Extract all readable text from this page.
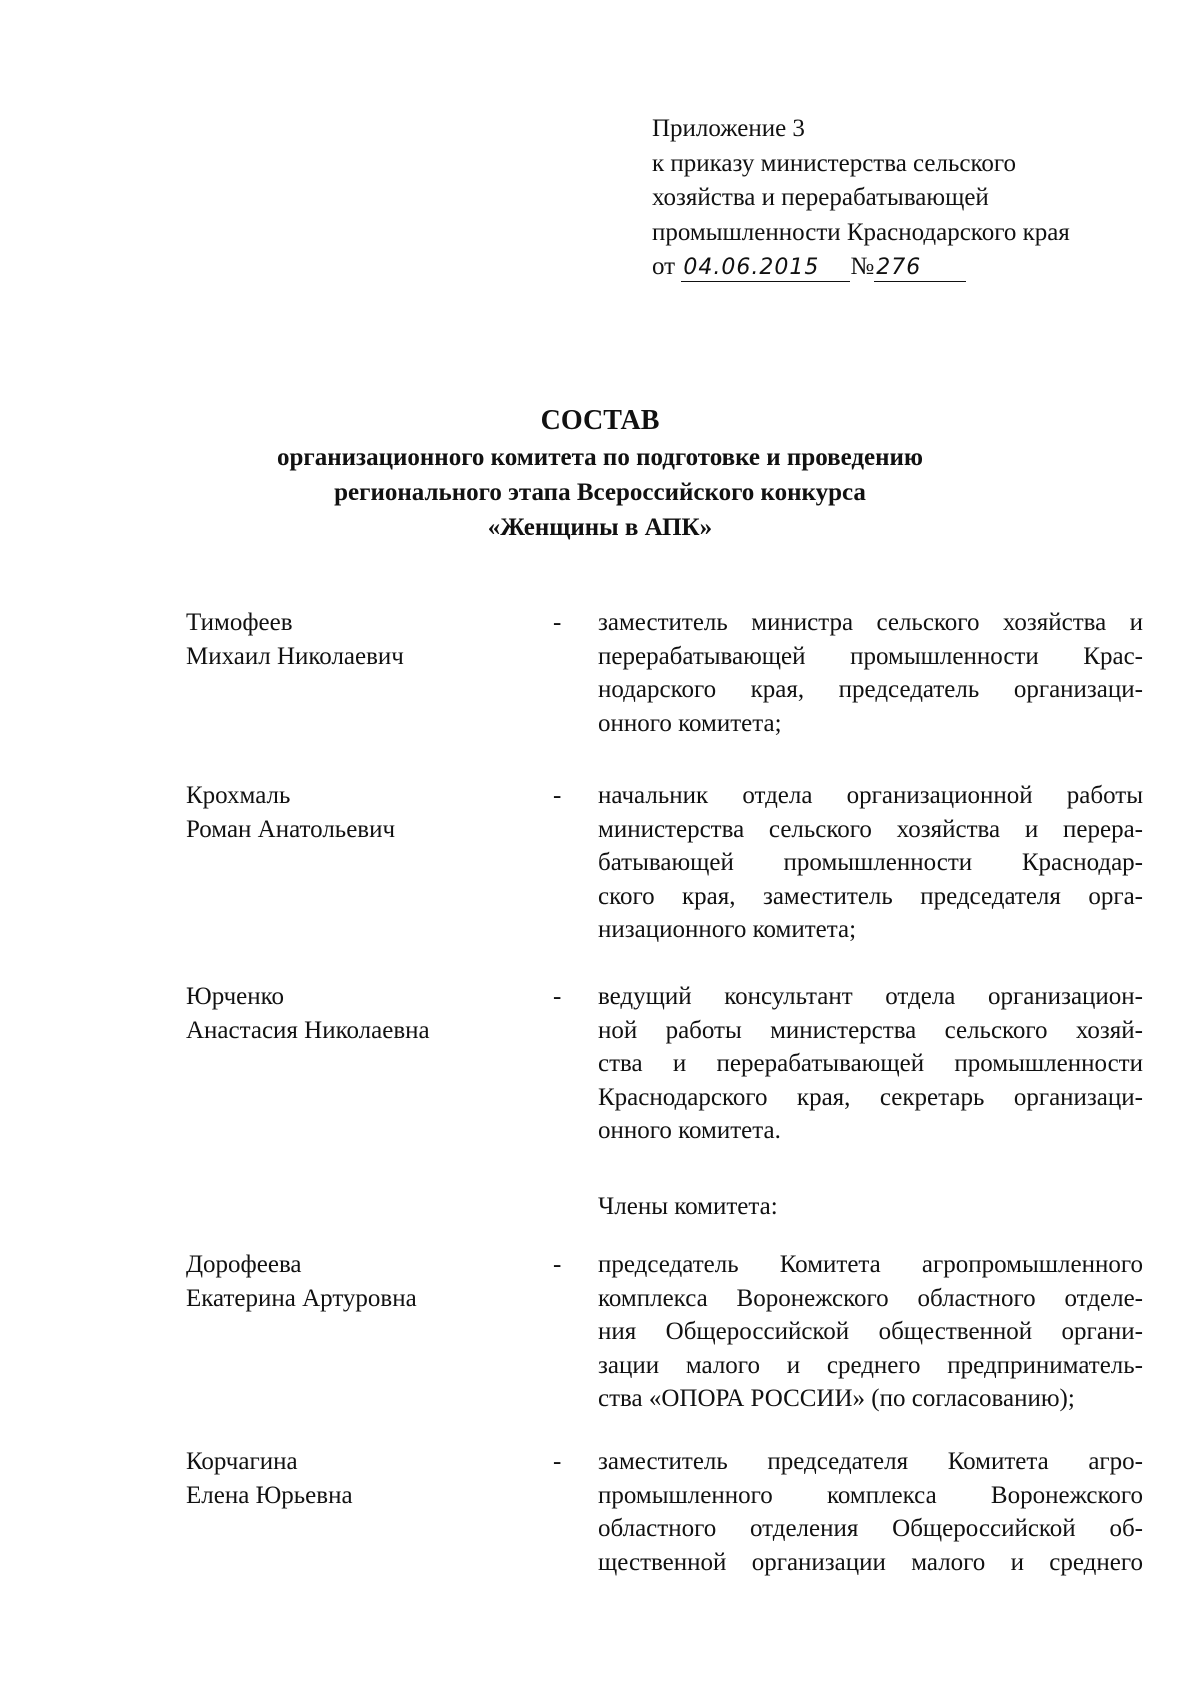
Приложение 3
к приказу министерства сельского
хозяйства и перерабатывающей
промышленности Краснодарского края
от 04.06.2015 №276
СОСТАВ
организационного комитета по подготовке и проведению
регионального этапа Всероссийского конкурса
«Женщины в АПК»
Тимофеев
Михаил Николаевич
- заместитель министра сельского хозяйства и
перерабатывающей промышленности Крас-
нодарского края, председатель организаци-
онного комитета;
Крохмаль
Роман Анатольевич
- начальник отдела организационной работы
министерства сельского хозяйства и перера-
батывающей промышленности Краснодар-
ского края, заместитель председателя орга-
низационного комитета;
Юрченко
Анастасия Николаевна
- ведущий консультант отдела организацион-
ной работы министерства сельского хозяй-
ства и перерабатывающей промышленности
Краснодарского края, секретарь организаци-
онного комитета.
Члены комитета:
Дорофеева
Екатерина Артуровна
- председатель Комитета агропромышленного
комплекса Воронежского областного отделе-
ния Общероссийской общественной органи-
зации малого и среднего предприниматель-
ства «ОПОРА РОССИИ» (по согласованию);
Корчагина
Елена Юрьевна
- заместитель председателя Комитета агро-
промышленного комплекса Воронежского
областного отделения Общероссийской об-
щественной организации малого и среднего
